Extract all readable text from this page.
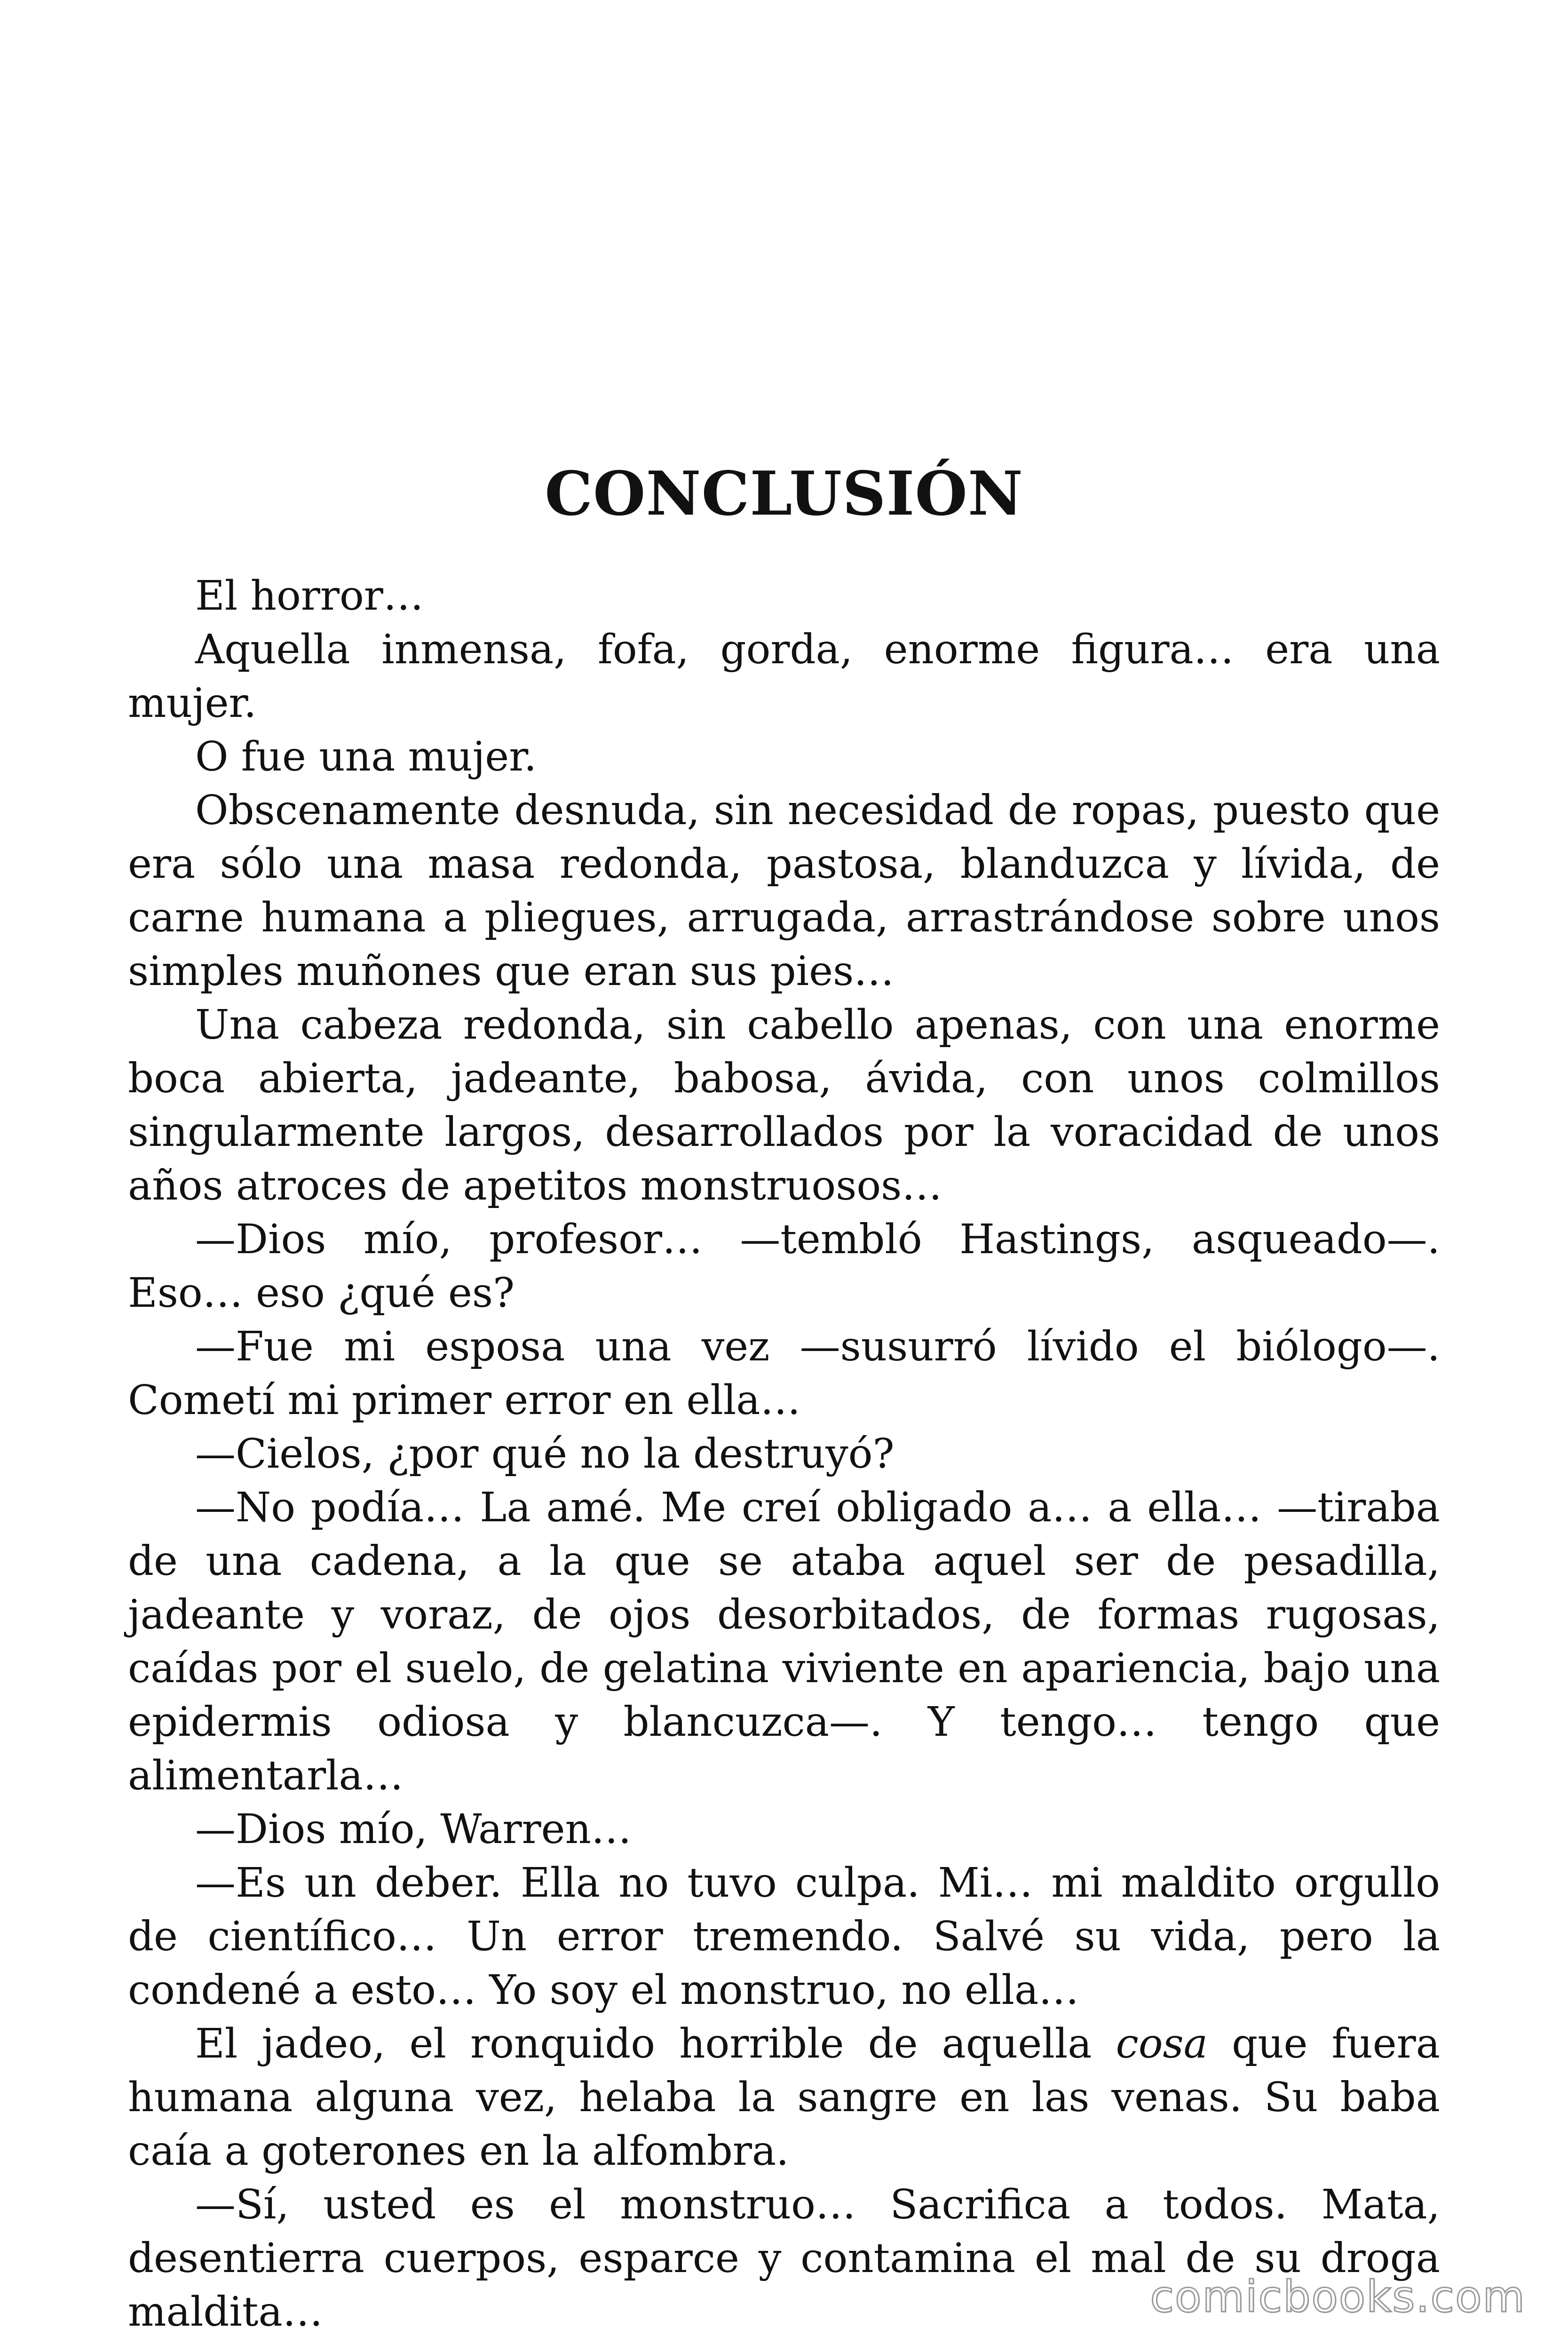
CONCLUSIÓN

El horror…

Aquella inmensa, fofa, gorda, enorme figura… era una mujer.

O fue una mujer.

Obscenamente desnuda, sin necesidad de ropas, puesto que era sólo una masa redonda, pastosa, blanduzca y lívida, de carne humana a pliegues, arrugada, arrastrándose sobre unos simples muñones que eran sus pies…

Una cabeza redonda, sin cabello apenas, con una enorme boca abierta, jadeante, babosa, ávida, con unos colmillos singularmente largos, desarrollados por la voracidad de unos años atroces de apetitos monstruosos…

—Dios mío, profesor… —tembló Hastings, asqueado—. Eso… eso ¿qué es?

—Fue mi esposa una vez —susurró lívido el biólogo—. Cometí mi primer error en ella…

—Cielos, ¿por qué no la destruyó?

—No podía… La amé. Me creí obligado a… a ella… —tiraba de una cadena, a la que se ataba aquel ser de pesadilla, jadeante y voraz, de ojos desorbitados, de formas rugosas, caídas por el suelo, de gelatina viviente en apariencia, bajo una epidermis odiosa y blancuzca—. Y tengo… tengo que alimentarla…

—Dios mío, Warren…

—Es un deber. Ella no tuvo culpa. Mi… mi maldito orgullo de científico… Un error tremendo. Salvé su vida, pero la condené a esto… Yo soy el monstruo, no ella…

El jadeo, el ronquido horrible de aquella cosa que fuera humana alguna vez, helaba la sangre en las venas. Su baba caía a goterones en la alfombra.

—Sí, usted es el monstruo… Sacrifica a todos. Mata, desentierra cuerpos, esparce y contamina el mal de su droga maldita…	comicbooks.com
